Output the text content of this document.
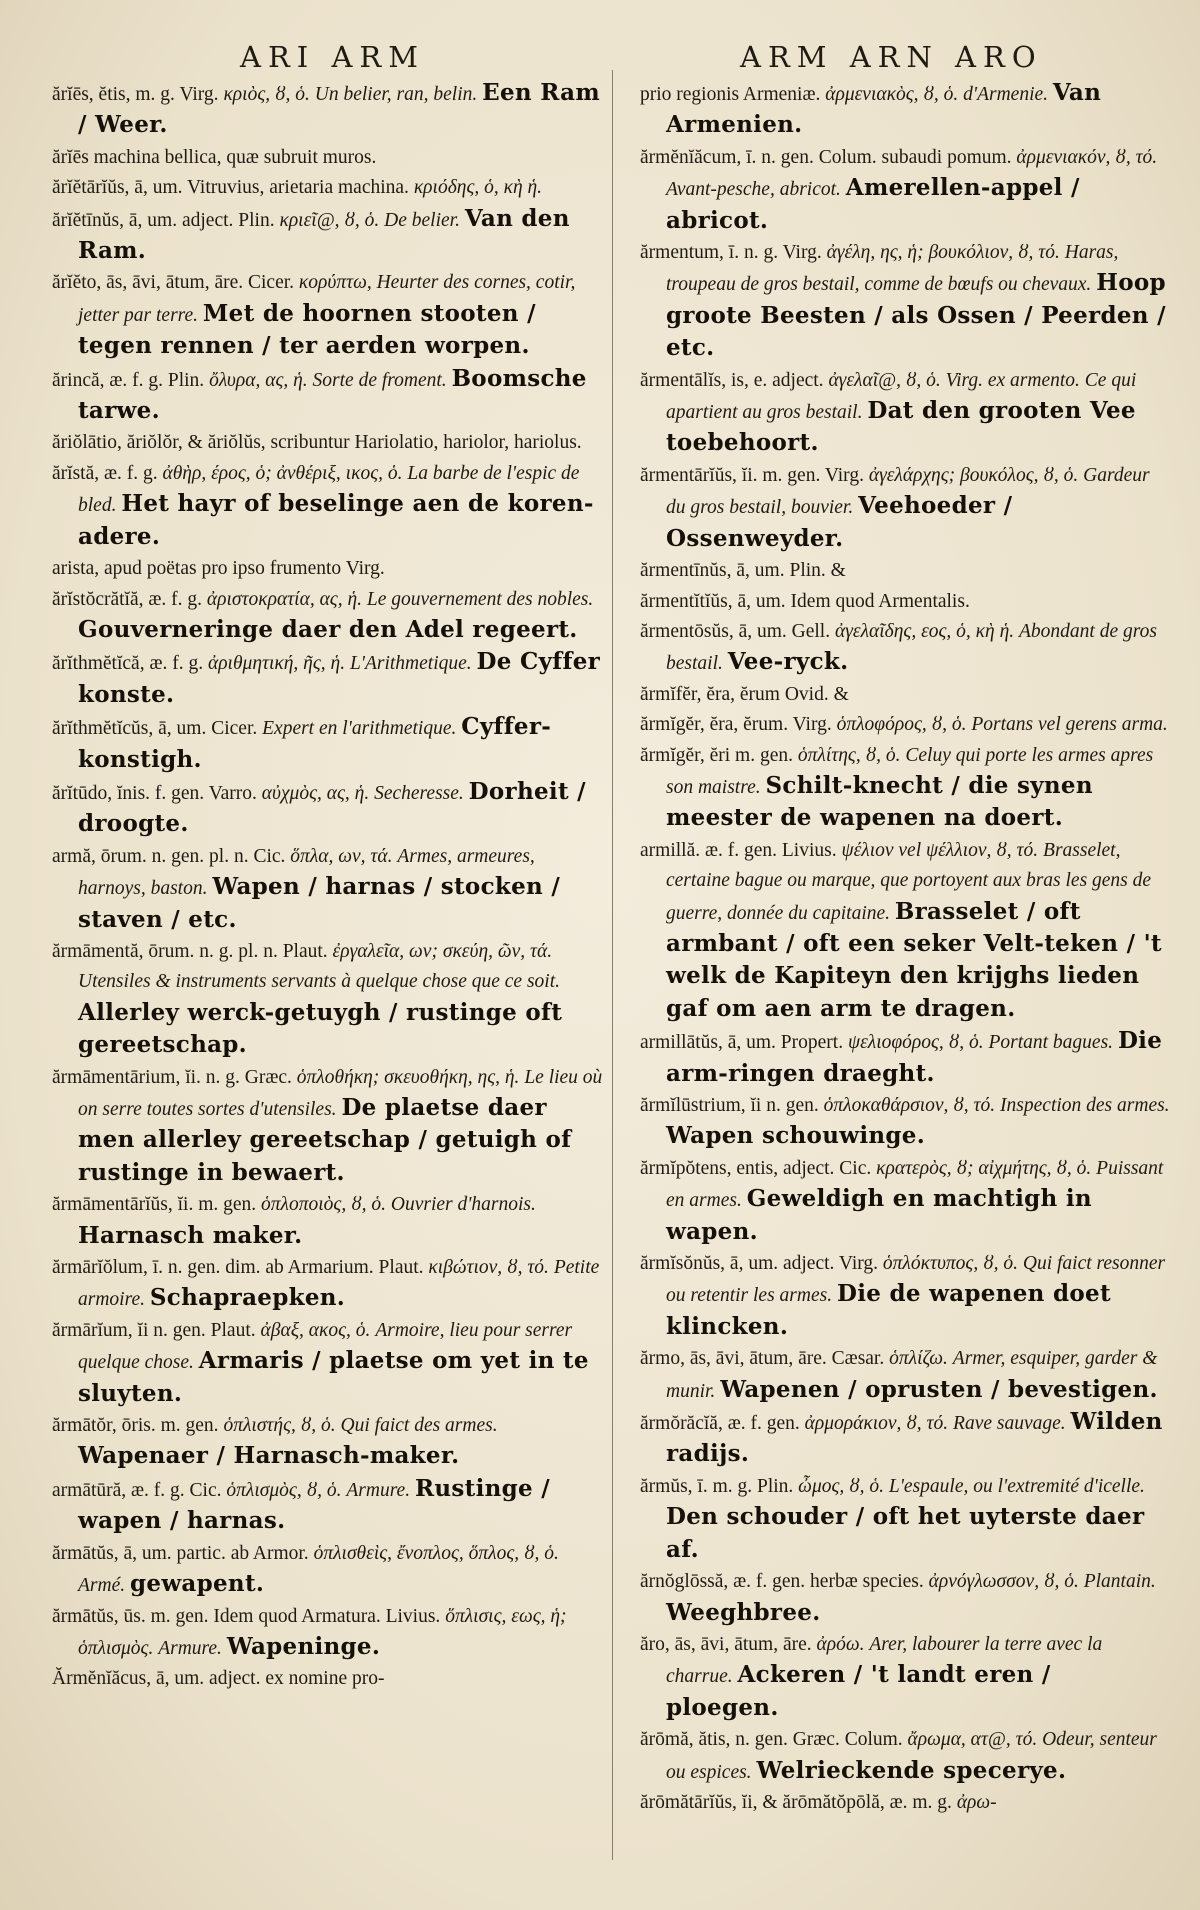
ARI ARM	ARM ARN ARO

ărĭēs, ĕtis, m. g. Virg. κριὸς, ȣ, ὁ. Un belier, ran, belin. Een Ram / Weer.

ărĭēs machina bellica, quæ subruit muros.

ărĭĕtārĭŭs, ā, um. Vitruvius, arietaria machina. κριόδης, ὁ, κὴ ἡ.

ărĭĕtīnŭs, ā, um. adject. Plin. κριεῖ@, ȣ, ὁ. De belier. Van den Ram.

ărĭĕto, ās, āvi, ātum, āre. Cicer. κορύπτω, Heurter des cornes, cotir, jetter par terre. Met de hoornen stooten / tegen rennen / ter aerden worpen.

ărincă, æ. f. g. Plin. ὄλυρα, ας, ἡ. Sorte de froment. Boomsche tarwe.

ăriŏlātio, ăriŏlŏr, & ăriŏlŭs, scribuntur Hariolatio, hariolor, hariolus.

ărĭstă, æ. f. g. ἀθὴρ, έρος, ὁ; ἀνθέριξ, ικος, ὁ. La barbe de l'espic de bled. Het hayr of beselinge aen de koren-adere.

arista, apud poëtas pro ipso frumento Virg.

ărĭstŏcrătĭă, æ. f. g. ἀριστοκρατία, ας, ἡ. Le gouvernement des nobles. Gouverneringe daer den Adel regeert.

ărĭthmĕtĭcă, æ. f. g. ἀριθμητική, ῆς, ἡ. L'Arithmetique. De Cyffer konste.

ărĭthmĕtĭcŭs, ā, um. Cicer. Expert en l'arithmetique. Cyffer-konstigh.

ărĭtūdo, ĭnis. f. gen. Varro. αὐχμὸς, ας, ἡ. Secheresse. Dorheit / droogte.

armă, ōrum. n. gen. pl. n. Cic. ὅπλα, ων, τά. Armes, armeures, harnoys, baston. Wapen / harnas / stocken / staven / etc.

ărmāmentă, ōrum. n. g. pl. n. Plaut. ἐργαλεῖα, ων; σκεύη, ῶν, τά. Utensiles & instruments servants à quelque chose que ce soit. Allerley werck-getuygh / rustinge oft gereetschap.

ărmāmentārium, ĭi. n. g. Græc. ὁπλοθήκη; σκευοθήκη, ης, ἡ. Le lieu où on serre toutes sortes d'utensiles. De plaetse daer men allerley gereetschap / getuigh of rustinge in bewaert.

ărmāmentārĭŭs, ĭi. m. gen. ὁπλοποιὸς, ȣ, ὁ. Ouvrier d'harnois. Harnasch maker.

ărmārĭŏlum, ī. n. gen. dim. ab Armarium. Plaut. κιβώτιον, ȣ, τό. Petite armoire. Schapraepken.

ărmārĭum, ĭi n. gen. Plaut. ἀβαξ, ακος, ὁ. Armoire, lieu pour serrer quelque chose. Armaris / plaetse om yet in te sluyten.

ărmātŏr, ōris. m. gen. ὁπλιστής, ȣ, ὁ. Qui faict des armes. Wapenaer / Harnasch-maker.

armātūră, æ. f. g. Cic. ὁπλισμὸς, ȣ, ὁ. Armure. Rustinge / wapen / harnas.

ărmātŭs, ā, um. partic. ab Armor. ὁπλισθεὶς, ἔνοπλος, ὅπλος, ȣ, ὁ. Armé. gewapent.

ărmātŭs, ūs. m. gen. Idem quod Armatura. Livius. ὅπλισις, εως, ἡ; ὁπλισμὸς. Armure. Wapeninge.

Ărmĕnĭăcus, ā, um. adject. ex nomine pro-

prio regionis Armeniæ. ἀρμενιακὸς, ȣ, ὁ. d'Armenie. Van Armenien.

ărmĕnĭăcum, ī. n. gen. Colum. subaudi pomum. ἀρμενιακόν, ȣ, τό. Avant-pesche, abricot. Amerellen-appel / abricot.

ărmentum, ī. n. g. Virg. ἀγέλη, ης, ἡ; βουκόλιον, ȣ, τό. Haras, troupeau de gros bestail, comme de bœufs ou chevaux. Hoop groote Beesten / als Ossen / Peerden / etc.

ărmentālĭs, is, e. adject. ἀγελαῖ@, ȣ, ὁ. Virg. ex armento. Ce qui apartient au gros bestail. Dat den grooten Vee toebehoort.

ărmentārĭŭs, ĭi. m. gen. Virg. ἀγελάρχης; βουκόλος, ȣ, ὁ. Gardeur du gros bestail, bouvier. Veehoeder / Ossenweyder.

ărmentīnŭs, ā, um. Plin. &

ărmentĭtĭŭs, ā, um. Idem quod Armentalis.

ărmentōsŭs, ā, um. Gell. ἀγελαῖδης, εος, ὁ, κὴ ἡ. Abondant de gros bestail. Vee-ryck.

ărmĭfĕr, ĕra, ĕrum Ovid. &

ărmĭgĕr, ĕra, ĕrum. Virg. ὁπλοφόρος, ȣ, ὁ. Portans vel gerens arma.

ărmĭgĕr, ĕri m. gen. ὁπλίτης, ȣ, ὁ. Celuy qui porte les armes apres son maistre. Schilt-knecht / die synen meester de wapenen na doert.

armillă. æ. f. gen. Livius. ψέλιον vel ψέλλιον, ȣ, τό. Brasselet, certaine bague ou marque, que portoyent aux bras les gens de guerre, donnée du capitaine. Brasselet / oft armbant / oft een seker Velt-teken / 't welk de Kapiteyn den krijghs lieden gaf om aen arm te dragen.

armillātŭs, ā, um. Propert. ψελιοφόρος, ȣ, ὁ. Portant bagues. Die arm-ringen draeght.

ărmĭlūstrium, ĭi n. gen. ὁπλοκαθάρσιον, ȣ, τό. Inspection des armes. Wapen schouwinge.

ărmĭpŏtens, entis, adject. Cic. κρατερὸς, ȣ; αἰχμήτης, ȣ, ὁ. Puissant en armes. Geweldigh en machtigh in wapen.

ărmĭsŏnŭs, ā, um. adject. Virg. ὁπλόκτυπος, ȣ, ὁ. Qui faict resonner ou retentir les armes. Die de wapenen doet klincken.

ărmo, ās, āvi, ātum, āre. Cæsar. ὁπλίζω. Armer, esquiper, garder & munir. Wapenen / oprusten / bevestigen.

ărmŏrăcĭă, æ. f. gen. ἀρμοράκιον, ȣ, τό. Rave sauvage. Wilden radijs.

ărmŭs, ī. m. g. Plin. ὦμος, ȣ, ὁ. L'espaule, ou l'extremité d'icelle. Den schouder / oft het uyterste daer af.

ărnŏglōssă, æ. f. gen. herbæ species. ἀρνόγλωσσον, ȣ, ὁ. Plantain. Weeghbree.

ăro, ās, āvi, ātum, āre. ἀρόω. Arer, labourer la terre avec la charrue. Ackeren / 't landt eren / ploegen.

ărōmă, ătis, n. gen. Græc. Colum. ἄρωμα, ατ@, τό. Odeur, senteur ou espices. Welrieckende specerye.

ărōmătārĭŭs, ĭi, & ărōmătŏpōlă, æ. m. g. ἀρω-
